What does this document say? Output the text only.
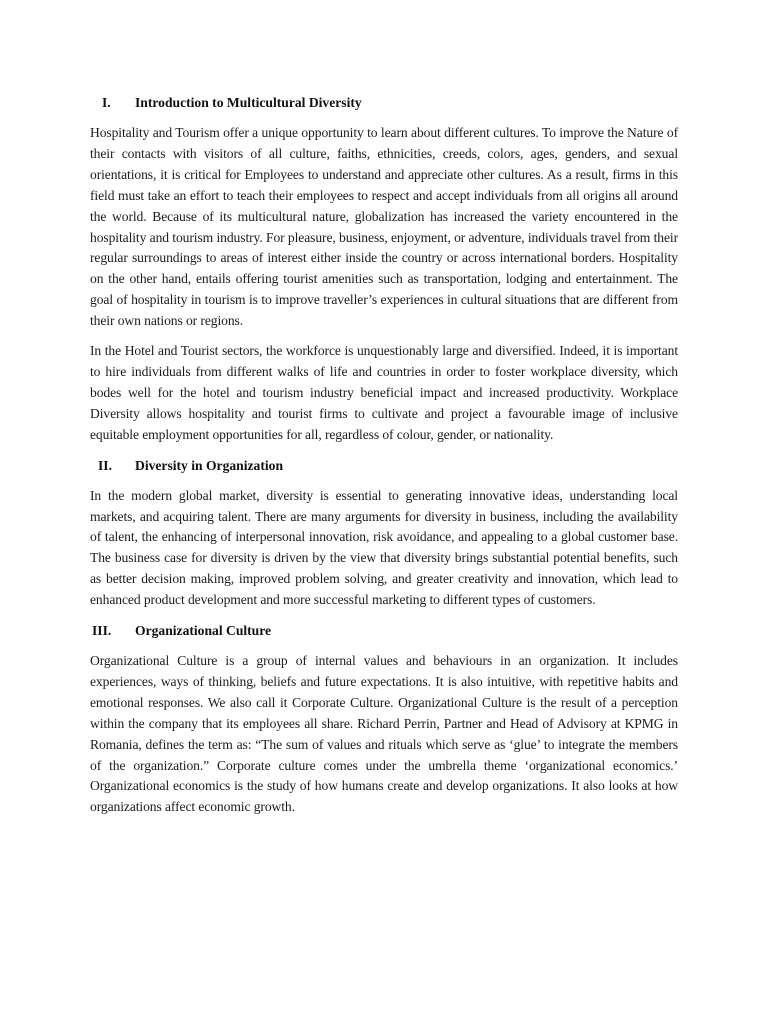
I.	Introduction to Multicultural Diversity

Hospitality and Tourism offer a unique opportunity to learn about different cultures. To improve the Nature of their contacts with visitors of all culture, faiths, ethnicities, creeds, colors, ages, genders, and sexual orientations, it is critical for Employees to understand and appreciate other cultures. As a result, firms in this field must take an effort to teach their employees to respect and accept individuals from all origins all around the world. Because of its multicultural nature, globalization has increased the variety encountered in the hospitality and tourism industry. For pleasure, business, enjoyment, or adventure, individuals travel from their regular surroundings to areas of interest either inside the country or across international borders. Hospitality on the other hand, entails offering tourist amenities such as transportation, lodging and entertainment. The goal of hospitality in tourism is to improve traveller’s experiences in cultural situations that are different from their own nations or regions.

In the Hotel and Tourist sectors, the workforce is unquestionably large and diversified. Indeed, it is important to hire individuals from different walks of life and countries in order to foster workplace diversity, which bodes well for the hotel and tourism industry beneficial impact and increased productivity. Workplace Diversity allows hospitality and tourist firms to cultivate and project a favourable image of inclusive equitable employment opportunities for all, regardless of colour, gender, or nationality.

II.	Diversity in Organization

In the modern global market, diversity is essential to generating innovative ideas, understanding local markets, and acquiring talent. There are many arguments for diversity in business, including the availability of talent, the enhancing of interpersonal innovation, risk avoidance, and appealing to a global customer base. The business case for diversity is driven by the view that diversity brings substantial potential benefits, such as better decision making, improved problem solving, and greater creativity and innovation, which lead to enhanced product development and more successful marketing to different types of customers.

III.	Organizational Culture

Organizational Culture is a group of internal values and behaviours in an organization. It includes experiences, ways of thinking, beliefs and future expectations. It is also intuitive, with repetitive habits and emotional responses. We also call it Corporate Culture. Organizational Culture is the result of a perception within the company that its employees all share. Richard Perrin, Partner and Head of Advisory at KPMG in Romania, defines the term as: “The sum of values and rituals which serve as ‘glue’ to integrate the members of the organization.” Corporate culture comes under the umbrella theme ‘organizational economics.’ Organizational economics is the study of how humans create and develop organizations. It also looks at how organizations affect economic growth.
